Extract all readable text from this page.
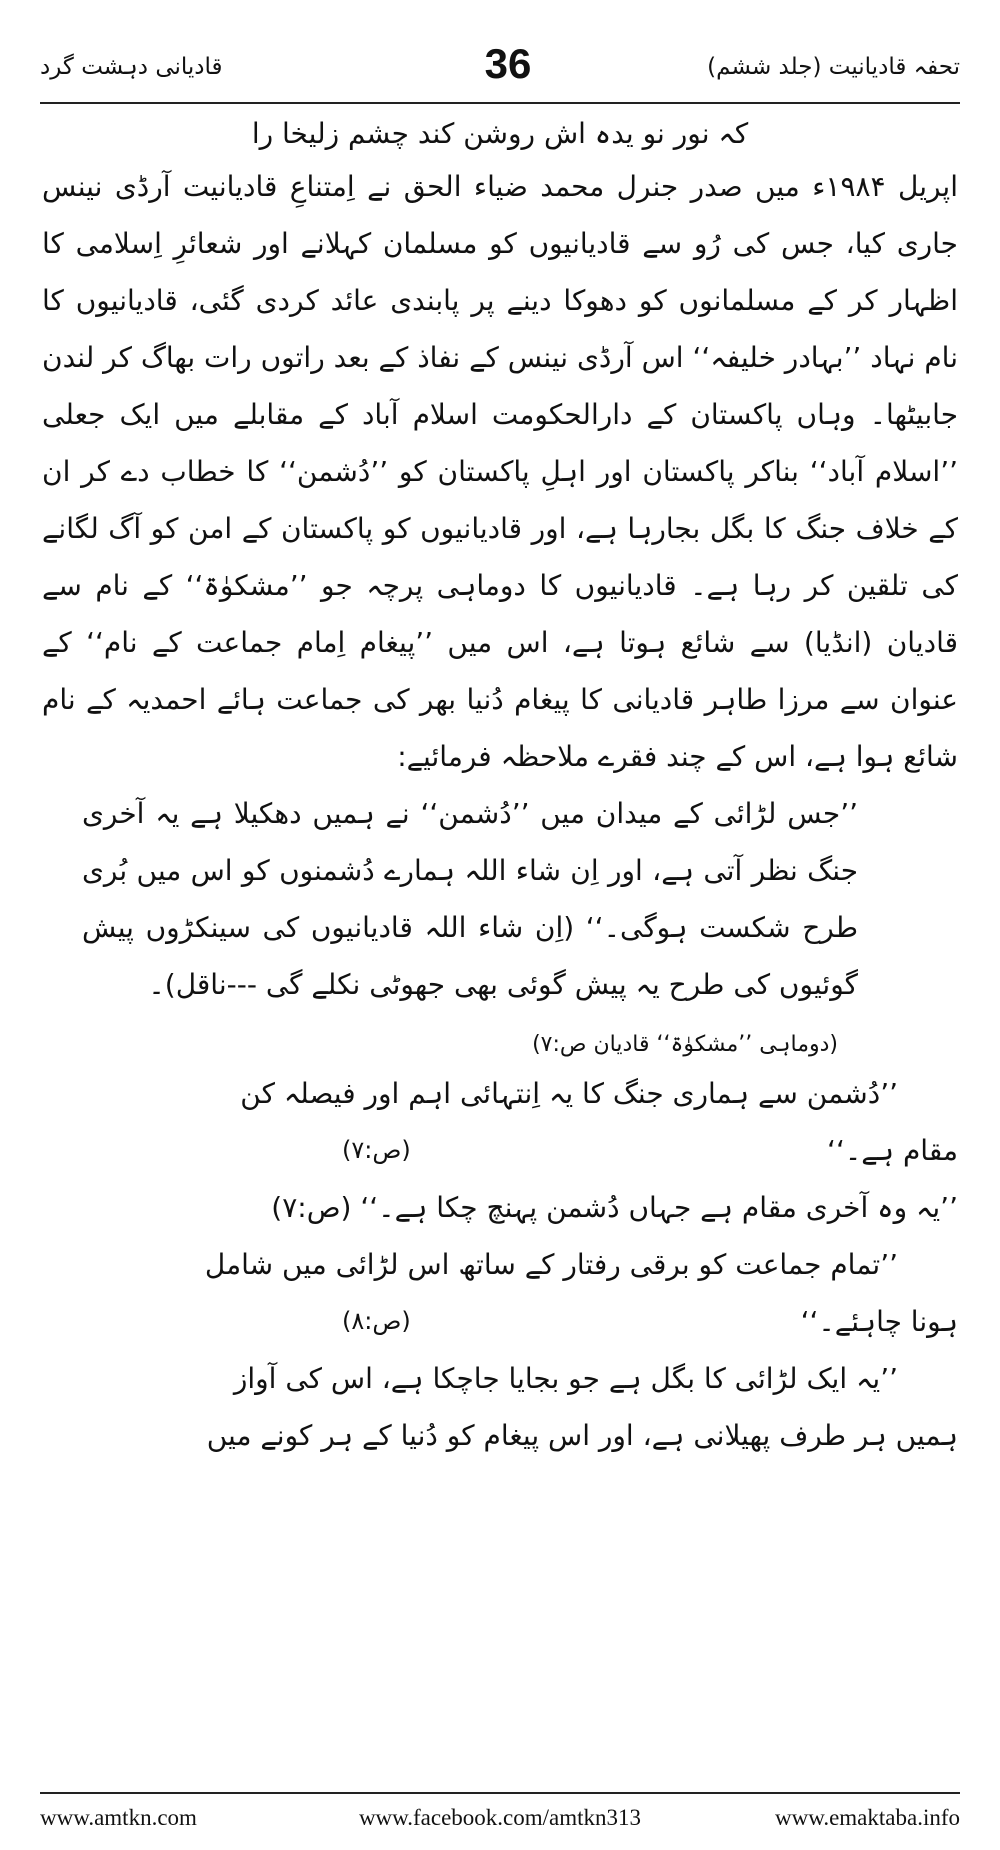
تحفہ قادیانیت (جلد ششم)
36
قادیانی دہشت گرد
کہ نور نو یدہ اش روشن کند چشم زلیخا را

اپریل ۱۹۸۴ء میں صدر جنرل محمد ضیاء الحق نے اِمتناعِ قادیانیت آرڈی نینس جاری کیا، جس کی رُو سے قادیانیوں کو مسلمان کہلانے اور شعائرِ اِسلامی کا اظہار کر کے مسلمانوں کو دھوکا دینے پر پابندی عائد کردی گئی، قادیانیوں کا نام نہاد ’’بہادر خلیفہ‘‘ اس آرڈی نینس کے نفاذ کے بعد راتوں رات بھاگ کر لندن جابیٹھا۔ وہاں پاکستان کے دارالحکومت اسلام آباد کے مقابلے میں ایک جعلی ’’اسلام آباد‘‘ بناکر پاکستان اور اہلِ پاکستان کو ’’دُشمن‘‘ کا خطاب دے کر ان کے خلاف جنگ کا بگل بجارہا ہے، اور قادیانیوں کو پاکستان کے امن کو آگ لگانے کی تلقین کر رہا ہے۔ قادیانیوں کا دوماہی پرچہ جو ’’مشکوٰۃ‘‘ کے نام سے قادیان (انڈیا) سے شائع ہوتا ہے، اس میں ’’پیغام اِمام جماعت کے نام‘‘ کے عنوان سے مرزا طاہر قادیانی کا پیغام دُنیا بھر کی جماعت ہائے احمدیہ کے نام شائع ہوا ہے، اس کے چند فقرے ملاحظہ فرمائیے:

’’جس لڑائی کے میدان میں ’’دُشمن‘‘ نے ہمیں دھکیلا ہے یہ آخری جنگ نظر آتی ہے، اور اِن شاء اللہ ہمارے دُشمنوں کو اس میں بُری طرح شکست ہوگی۔‘‘ (اِن شاء اللہ قادیانیوں کی سینکڑوں پیش گوئیوں کی طرح یہ پیش گوئی بھی جھوٹی نکلے گی ---ناقل)۔

(دوماہی ’’مشکوٰۃ‘‘ قادیان ص:۷)
’’دُشمن سے ہماری جنگ کا یہ اِنتہائی اہم اور فیصلہ کن
مقام ہے۔‘‘
(ص:۷)
’’یہ وہ آخری مقام ہے جہاں دُشمن پہنچ چکا ہے۔‘‘ (ص:۷)
’’تمام جماعت کو برقی رفتار کے ساتھ اس لڑائی میں شامل
ہونا چاہئے۔‘‘
(ص:۸)
’’یہ ایک لڑائی کا بگل ہے جو بجایا جاچکا ہے، اس کی آواز
ہمیں ہر طرف پھیلانی ہے، اور اس پیغام کو دُنیا کے ہر کونے میں
www.amtkn.com	www.facebook.com/amtkn313	www.emaktaba.info
